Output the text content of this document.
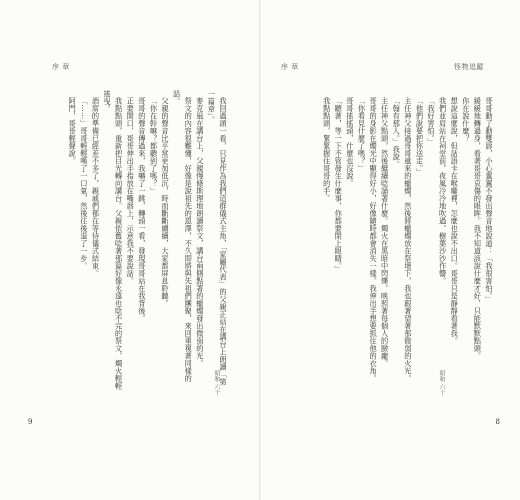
序 章

我回過頭一看，只見作為我們這群儀式主角，「家屬代表」的父親正站在講台上朗讀「第一篇章」。

麥克風在講台上，父親慢條斯理地朗讀祭文，講台兩側點著的蠟燭發出微弱的光。

祭文的內容很難懂，好像是說祖先的恩澤，不久即將與先祖們團聚，來回重複著同樣的話。

父親的聲音比平常更加低沉，時而斷斷續續，大家都屏息聆聽。

「你在幹嘛？都聽到了嗎？」

哥哥的聲音傳過來，我嚇了一跳，轉頭一看，發現哥哥站在我背後。

正要開口，哥哥伸出手指放在嘴唇上，示意我不要說話。

我點點頭，重新把目光轉向講台。父親依舊唸著那篇好像永遠也唸不完的祭文，燭火輕輕搖曳。

酒席的準備已經差不多了，親戚們都在等待儀式結束。

「……」哥哥輕輕嘆了一口氣，然後往後退了一步。

阿門，哥哥輕聲說。

昭和 六十
9
序 章	怪物追蹤

哥哥動了動雙唇，小心翼翼不發出聲音地說道：「我很害怕。」

緩緩地轉過身，看著哥哥哀傷的眼眸。我不知道該說什麼才好，只能默默點頭。

你在說什麼？

想說這麼說，但話語卡在喉嚨裡，怎麼也說不出口。哥哥只是靜靜看著我。

我們並肩站在祠堂前，夜風冷冷地吹過，樹葉沙沙作響。

「我好害怕。」

「他們說要把你送走。」

主任神父接過哥哥遞來的蠟燭，然後將蠟燭放在祭壇下，我也跟著望著那微弱的火光。

「翰有那人。」我說。

主任神父點頭，然後繼續唸誦著什麼。燭火在黑暗中閃爍，映照著每個人的臉龐。

哥哥的身影在燭光中顯得好小，好像隨時都會消失一樣。我伸出手想要抓住他的衣角。

「你看見什麼了嗎？」

哥哥搖搖頭，什麼也沒說。

「聽著，等一下不管發生什麼事，你都要閉上眼睛。」

我點點頭，緊緊握住哥哥的手。

昭和 六十
8
